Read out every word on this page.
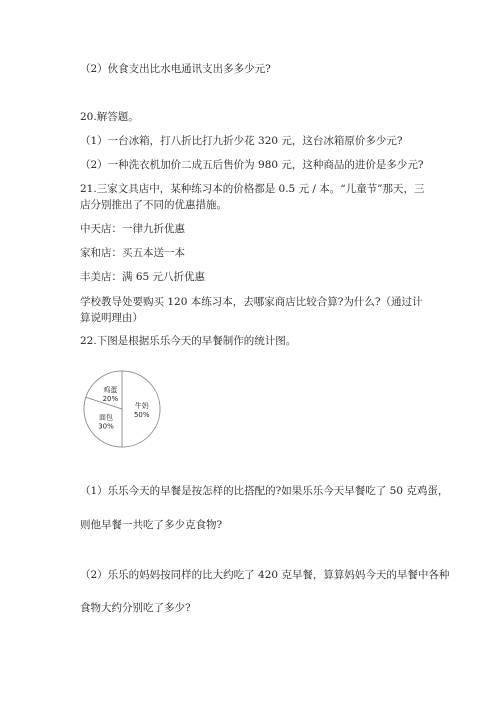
（2）伙食支出比水电通讯支出多多少元?
20.解答题。
（1）一台冰箱，打八折比打九折少花 320 元，这台冰箱原价多少元?
（2）一种洗衣机加价二成五后售价为 980 元，这种商品的进价是多少元?
21.三家文具店中，某种练习本的价格都是 0.5 元 / 本。“儿童节”那天，三店分别推出了不同的优惠措施。
中天店：一律九折优惠
家和店：买五本送一本
丰美店：满 65 元八折优惠
学校教导处要购买 120 本练习本，去哪家商店比较合算?为什么?（通过计算说明理由）
22.下图是根据乐乐今天的早餐制作的统计图。
牛奶
50%
面包
30%
鸡蛋
20%
（1）乐乐今天的早餐是按怎样的比搭配的?如果乐乐今天早餐吃了 50 克鸡蛋，
则他早餐一共吃了多少克食物?
（2）乐乐的妈妈按同样的比大约吃了 420 克早餐，算算妈妈今天的早餐中各种
食物大约分别吃了多少?
